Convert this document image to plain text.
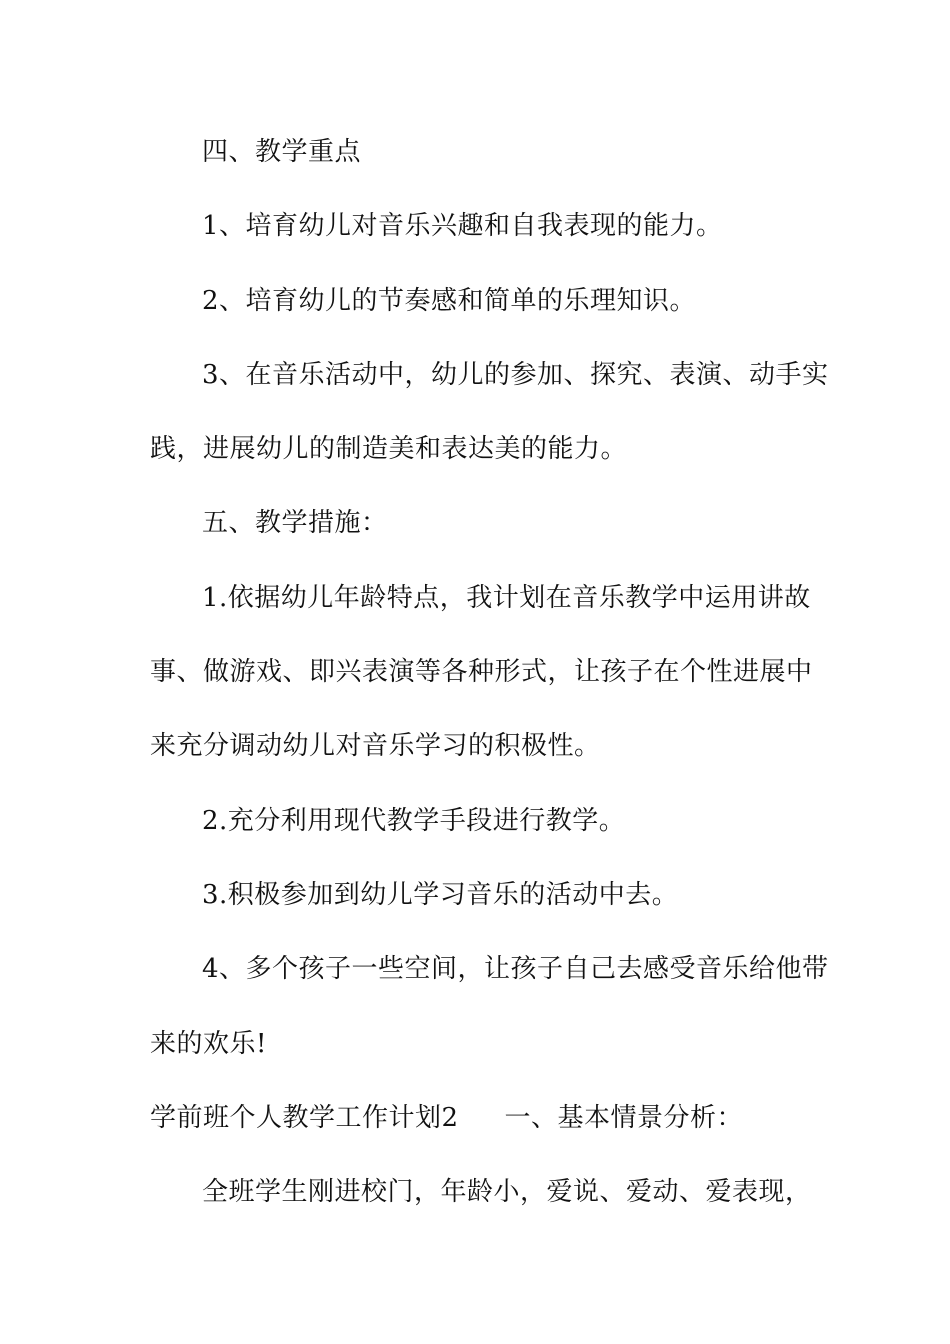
四、教学重点
1、培育幼儿对音乐兴趣和自我表现的能力。
2、培育幼儿的节奏感和简单的乐理知识。
3、在音乐活动中，幼儿的参加、探究、表演、动手实
践，进展幼儿的制造美和表达美的能力。
五、教学措施：
1.依据幼儿年龄特点，我计划在音乐教学中运用讲故
事、做游戏、即兴表演等各种形式，让孩子在个性进展中
来充分调动幼儿对音乐学习的积极性。
2.充分利用现代教学手段进行教学。
3.积极参加到幼儿学习音乐的活动中去。
4、多个孩子一些空间，让孩子自己去感受音乐给他带
来的欢乐!
学前班个人教学工作计划2 一、基本情景分析：
全班学生刚进校门，年龄小，爱说、爱动、爱表现，
